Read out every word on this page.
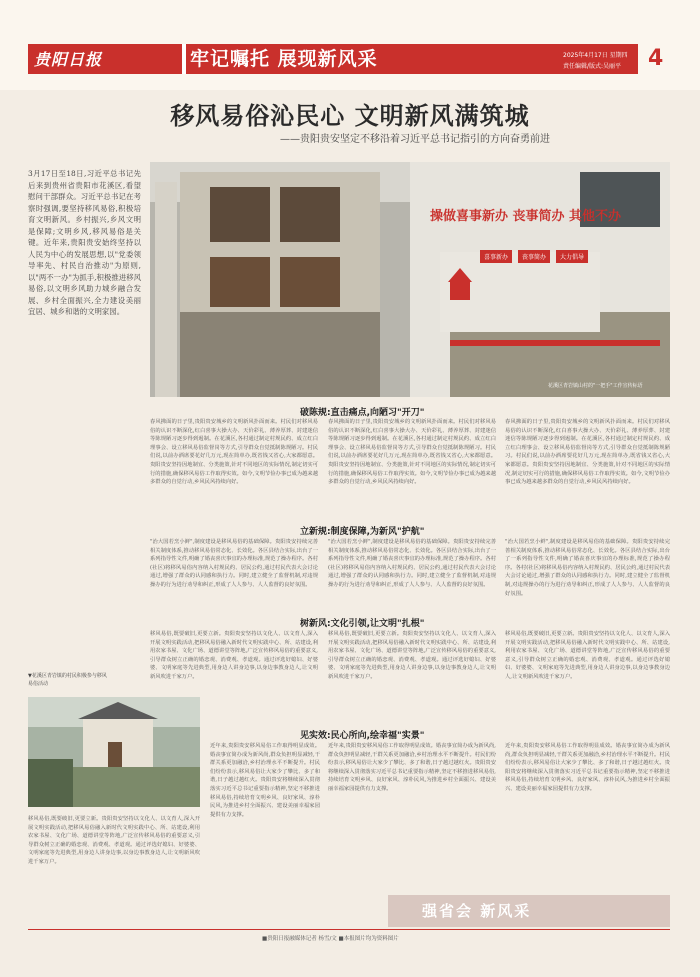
贵阳日报	牢记嘱托 展现新风采	2025年4月17日 星期四
责任编辑/版式:吴丽平 4
移风易俗沁民心 文明新风满筑城
——贵阳贵安坚定不移沿着习近平总书记指引的方向奋勇前进
3月17日至18日,习近平总书记先后来到贵州省贵阳市花溪区,看望慰问干部群众。习近平总书记在考察时强调,要坚持移风易俗,积极培育文明新风。乡村振兴,乡风文明是保障;文明乡风,移风易俗是关键。近年来,贵阳贵安始终坚持以人民为中心的发展思想,以"党委领导率先、村民自治推动"为原则,以"两不一办"为抓手,积极推进移风易俗,以文明乡风助力城乡融合发展、乡村全面振兴,全力建设美丽宜居、城乡和谐的文明家园。
操做喜事新办 丧事简办 其他不办
喜事新办	丧事简办	大力倡导
花溪区青岩镇山村的"一把手"工作宣传标语
破陈规:直击痛点,向陋习"开刀"
春风拂面的日子里,贵阳贵安城乡的文明新风扑面而来。村民们对移风易俗的认识不断深化,红白喜事大操大办、天价彩礼、薄养厚葬、封建迷信等陈规陋习逐步得到遏制。在花溪区,各村通过制定村规民约、成立红白理事会、设立移风易俗监督岗等方式,引导群众自觉抵制陈规陋习。村民们说,以前办酒席要花好几万元,现在简单办,既省钱又省心,大家都愿意。贵阳贵安坚持因地制宜、分类施策,针对不同地区的实际情况,制定切实可行的措施,确保移风易俗工作取得实效。如今,文明节俭办事已成为越来越多群众的自觉行动,乡风民风持续向好。
春风拂面的日子里,贵阳贵安城乡的文明新风扑面而来。村民们对移风易俗的认识不断深化,红白喜事大操大办、天价彩礼、薄养厚葬、封建迷信等陈规陋习逐步得到遏制。在花溪区,各村通过制定村规民约、成立红白理事会、设立移风易俗监督岗等方式,引导群众自觉抵制陈规陋习。村民们说,以前办酒席要花好几万元,现在简单办,既省钱又省心,大家都愿意。贵阳贵安坚持因地制宜、分类施策,针对不同地区的实际情况,制定切实可行的措施,确保移风易俗工作取得实效。如今,文明节俭办事已成为越来越多群众的自觉行动,乡风民风持续向好。
春风拂面的日子里,贵阳贵安城乡的文明新风扑面而来。村民们对移风易俗的认识不断深化,红白喜事大操大办、天价彩礼、薄养厚葬、封建迷信等陈规陋习逐步得到遏制。在花溪区,各村通过制定村规民约、成立红白理事会、设立移风易俗监督岗等方式,引导群众自觉抵制陈规陋习。村民们说,以前办酒席要花好几万元,现在简单办,既省钱又省心,大家都愿意。贵阳贵安坚持因地制宜、分类施策,针对不同地区的实际情况,制定切实可行的措施,确保移风易俗工作取得实效。如今,文明节俭办事已成为越来越多群众的自觉行动,乡风民风持续向好。
立新规:制度保障,为新风"护航"
"治大国若烹小鲜",制度建设是移风易俗的基础保障。贵阳贵安持续完善相关制度体系,推动移风易俗常态化、长效化。各区县结合实际,出台了一系列指导性文件,明确了婚丧喜庆事宜的办理标准,规范了操办程序。各村(社区)将移风易俗内容纳入村规民约、居民公约,通过村民代表大会讨论通过,增强了群众的认同感和执行力。同时,建立健全了监督机制,对违规操办的行为进行劝导和纠正,形成了人人参与、人人监督的良好氛围。
"治大国若烹小鲜",制度建设是移风易俗的基础保障。贵阳贵安持续完善相关制度体系,推动移风易俗常态化、长效化。各区县结合实际,出台了一系列指导性文件,明确了婚丧喜庆事宜的办理标准,规范了操办程序。各村(社区)将移风易俗内容纳入村规民约、居民公约,通过村民代表大会讨论通过,增强了群众的认同感和执行力。同时,建立健全了监督机制,对违规操办的行为进行劝导和纠正,形成了人人参与、人人监督的良好氛围。
"治大国若烹小鲜",制度建设是移风易俗的基础保障。贵阳贵安持续完善相关制度体系,推动移风易俗常态化、长效化。各区县结合实际,出台了一系列指导性文件,明确了婚丧喜庆事宜的办理标准,规范了操办程序。各村(社区)将移风易俗内容纳入村规民约、居民公约,通过村民代表大会讨论通过,增强了群众的认同感和执行力。同时,建立健全了监督机制,对违规操办的行为进行劝导和纠正,形成了人人参与、人人监督的良好氛围。
树新风:文化引领,让文明"扎根"
▼花溪区青岩镇的村民积极参与移风易俗活动
移风易俗,既要破旧,更要立新。贵阳贵安坚持以文化人、以文育人,深入开展文明实践活动,把移风易俗融入新时代文明实践中心、所、站建设,利用农家书屋、文化广场、道德讲堂等阵地,广泛宣传移风易俗的重要意义,引导群众树立正确的婚恋观、消费观、孝道观。通过评选好媳妇、好婆婆、文明家庭等先进典型,用身边人讲身边事,以身边事教身边人,让文明新风吹进千家万户。
移风易俗,既要破旧,更要立新。贵阳贵安坚持以文化人、以文育人,深入开展文明实践活动,把移风易俗融入新时代文明实践中心、所、站建设,利用农家书屋、文化广场、道德讲堂等阵地,广泛宣传移风易俗的重要意义,引导群众树立正确的婚恋观、消费观、孝道观。通过评选好媳妇、好婆婆、文明家庭等先进典型,用身边人讲身边事,以身边事教身边人,让文明新风吹进千家万户。
移风易俗,既要破旧,更要立新。贵阳贵安坚持以文化人、以文育人,深入开展文明实践活动,把移风易俗融入新时代文明实践中心、所、站建设,利用农家书屋、文化广场、道德讲堂等阵地,广泛宣传移风易俗的重要意义,引导群众树立正确的婚恋观、消费观、孝道观。通过评选好媳妇、好婆婆、文明家庭等先进典型,用身边人讲身边事,以身边事教身边人,让文明新风吹进千家万户。
见实效:民心所向,绘幸福"实景"
近年来,贵阳贵安移风易俗工作取得明显成效。婚丧事宜简办成为新风尚,群众负担明显减轻,干群关系更加融洽,乡村治理水平不断提升。村民们纷纷表示,移风易俗让大家少了攀比、多了和谐,日子越过越红火。贵阳贵安将继续深入贯彻落实习近平总书记重要指示精神,坚定不移推进移风易俗,持续培育文明乡风、良好家风、淳朴民风,为推进乡村全面振兴、建设美丽幸福家园提供有力支撑。
近年来,贵阳贵安移风易俗工作取得明显成效。婚丧事宜简办成为新风尚,群众负担明显减轻,干群关系更加融洽,乡村治理水平不断提升。村民们纷纷表示,移风易俗让大家少了攀比、多了和谐,日子越过越红火。贵阳贵安将继续深入贯彻落实习近平总书记重要指示精神,坚定不移推进移风易俗,持续培育文明乡风、良好家风、淳朴民风,为推进乡村全面振兴、建设美丽幸福家园提供有力支撑。
近年来,贵阳贵安移风易俗工作取得明显成效。婚丧事宜简办成为新风尚,群众负担明显减轻,干群关系更加融洽,乡村治理水平不断提升。村民们纷纷表示,移风易俗让大家少了攀比、多了和谐,日子越过越红火。贵阳贵安将继续深入贯彻落实习近平总书记重要指示精神,坚定不移推进移风易俗,持续培育文明乡风、良好家风、淳朴民风,为推进乡村全面振兴、建设美丽幸福家园提供有力支撑。
移风易俗,既要破旧,更要立新。贵阳贵安坚持以文化人、以文育人,深入开展文明实践活动,把移风易俗融入新时代文明实践中心、所、站建设,利用农家书屋、文化广场、道德讲堂等阵地,广泛宣传移风易俗的重要意义,引导群众树立正确的婚恋观、消费观、孝道观。通过评选好媳妇、好婆婆、文明家庭等先进典型,用身边人讲身边事,以身边事教身边人,让文明新风吹进千家万户。
强省会 新风采
■贵阳日报融媒体记者 杨雪/文 ■本报图片均为资料图片
